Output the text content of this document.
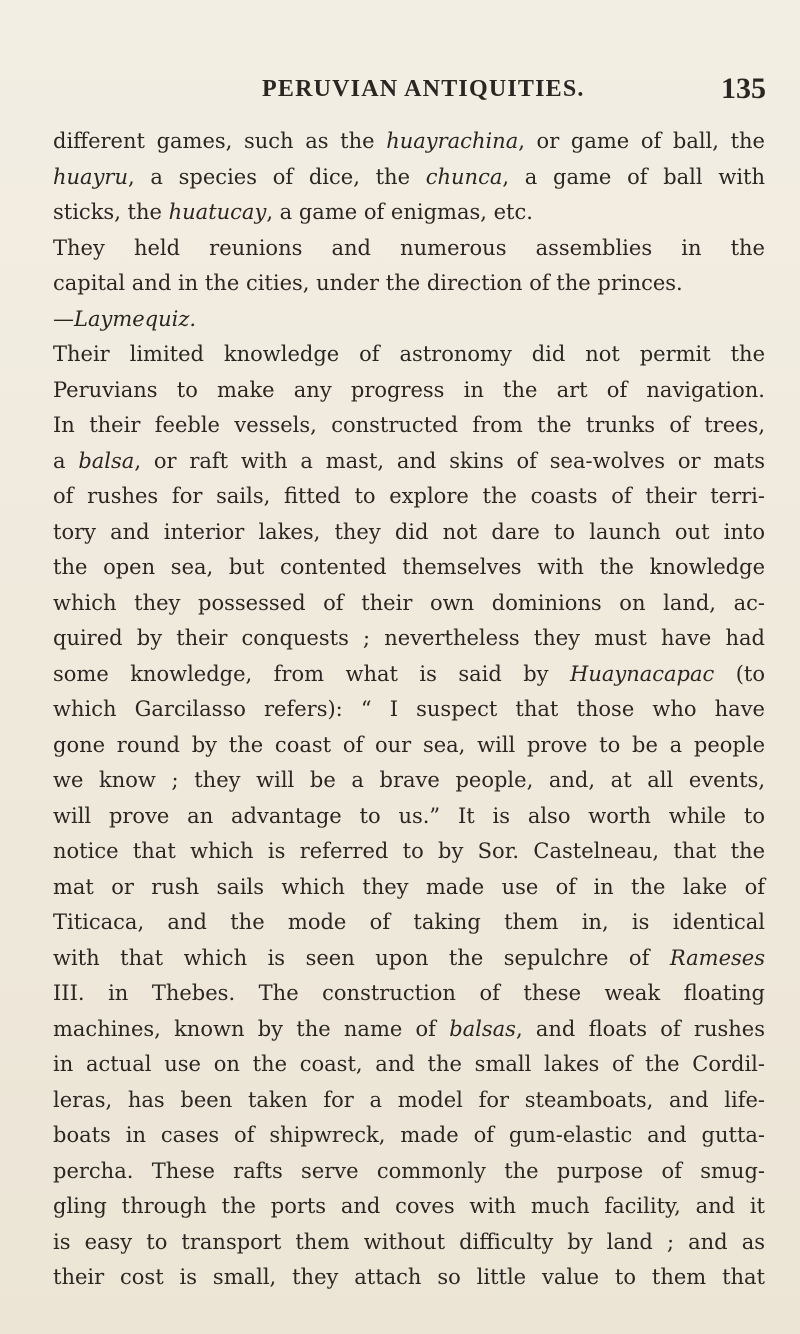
PERUVIAN ANTIQUITIES.	135
different games, such as the huayrachina, or game of ball, the
huayru, a species of dice, the chunca, a game of ball with
sticks, the huatucay, a game of enigmas, etc.
They held reunions and numerous assemblies in the
capital and in the cities, under the direction of the princes.
—Laymequiz.
Their limited knowledge of astronomy did not permit the
Peruvians to make any progress in the art of navigation.
In their feeble vessels, constructed from the trunks of trees,
a balsa, or raft with a mast, and skins of sea-wolves or mats
of rushes for sails, fitted to explore the coasts of their terri-
tory and interior lakes, they did not dare to launch out into
the open sea, but contented themselves with the knowledge
which they possessed of their own dominions on land, ac-
quired by their conquests ; nevertheless they must have had
some knowledge, from what is said by Huaynacapac (to
which Garcilasso refers): “ I suspect that those who have
gone round by the coast of our sea, will prove to be a people
we know ; they will be a brave people, and, at all events,
will prove an advantage to us.” It is also worth while to
notice that which is referred to by Sor. Castelneau, that the
mat or rush sails which they made use of in the lake of
Titicaca, and the mode of taking them in, is identical
with that which is seen upon the sepulchre of Rameses
III. in Thebes. The construction of these weak floating
machines, known by the name of balsas, and floats of rushes
in actual use on the coast, and the small lakes of the Cordil-
leras, has been taken for a model for steamboats, and life-
boats in cases of shipwreck, made of gum-elastic and gutta-
percha. These rafts serve commonly the purpose of smug-
gling through the ports and coves with much facility, and it
is easy to transport them without difficulty by land ; and as
their cost is small, they attach so little value to them that
